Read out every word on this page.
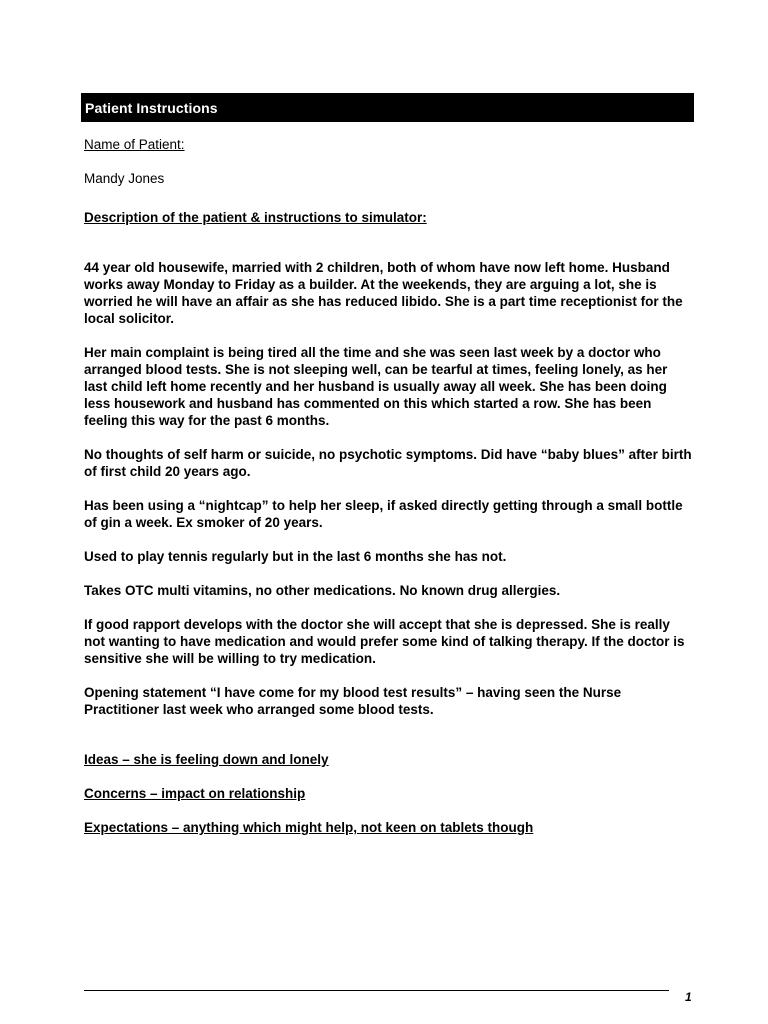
Patient Instructions
Name of Patient:
Mandy Jones
Description of the patient & instructions to simulator:

44 year old housewife, married with 2 children, both of whom have now left home. Husband works away Monday to Friday as a builder. At the weekends, they are arguing a lot, she is worried he will have an affair as she has reduced libido. She is a part time receptionist for the local solicitor.

Her main complaint is being tired all the time and she was seen last week by a doctor who arranged blood tests. She is not sleeping well, can be tearful at times, feeling lonely, as her last child left home recently and her husband is usually away all week. She has been doing less housework and husband has commented on this which started a row. She has been feeling this way for the past 6 months.

No thoughts of self harm or suicide, no psychotic symptoms. Did have “baby blues” after birth of first child 20 years ago.

Has been using a “nightcap” to help her sleep, if asked directly getting through a small bottle of gin a week. Ex smoker of 20 years.

Used to play tennis regularly but in the last 6 months she has not.

Takes OTC multi vitamins, no other medications. No known drug allergies.

If good rapport develops with the doctor she will accept that she is depressed. She is really not wanting to have medication and would prefer some kind of talking therapy. If the doctor is sensitive she will be willing to try medication.

Opening statement “I have come for my blood test results” – having seen the Nurse Practitioner last week who arranged some blood tests.

Ideas – she is feeling down and lonely
Concerns – impact on relationship
Expectations – anything which might help, not keen on tablets though
1
